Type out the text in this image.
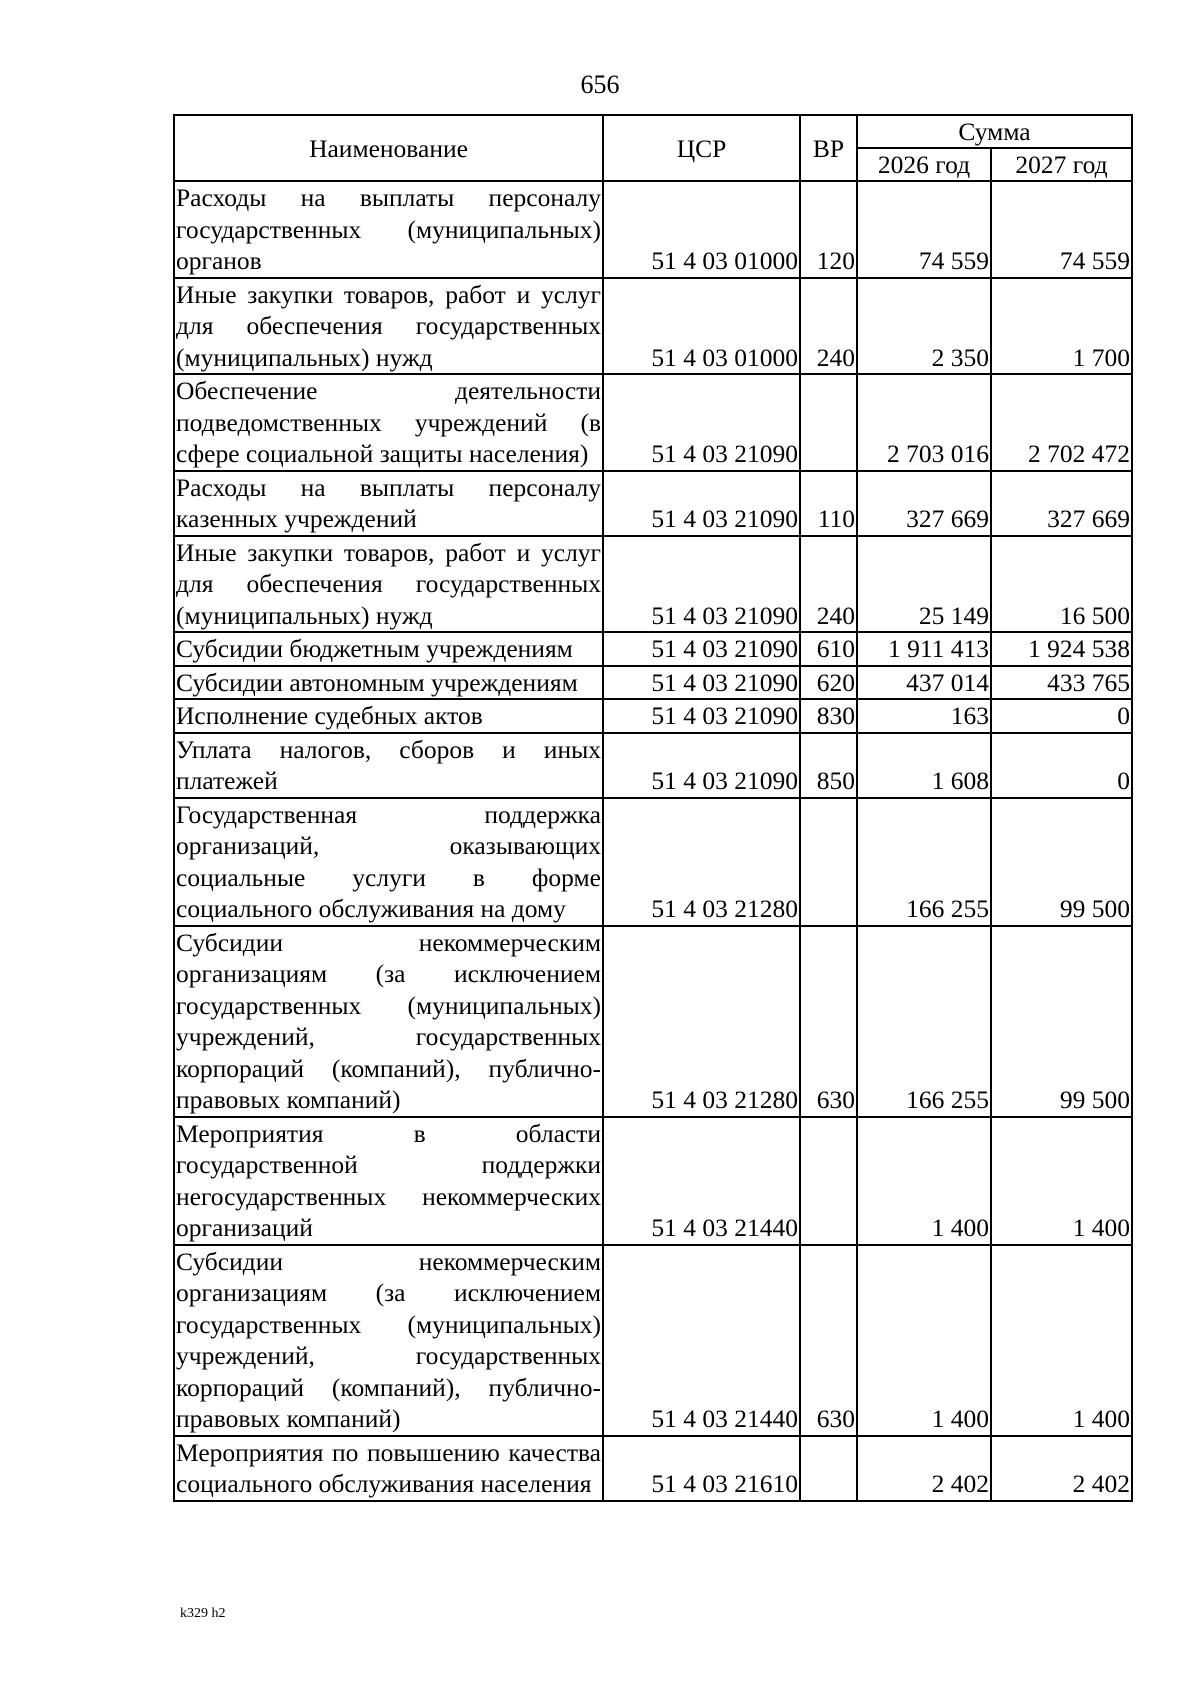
656
Наименование	ЦСР	ВР	Сумма	
			2026 год	2027 год
Расходы на выплаты персоналу государственных (муниципальных) органов	51 4 03 01000	120	74 559	74 559
Иные закупки товаров, работ и услуг для обеспечения государственных (муниципальных) нужд	51 4 03 01000	240	2 350	1 700
Обеспечение деятельности подведомственных учреждений (в сфере социальной защиты населения)	51 4 03 21090		2 703 016	2 702 472
Расходы на выплаты персоналу казенных учреждений	51 4 03 21090	110	327 669	327 669
Иные закупки товаров, работ и услуг для обеспечения государственных (муниципальных) нужд	51 4 03 21090	240	25 149	16 500
Субсидии бюджетным учреждениям	51 4 03 21090	610	1 911 413	1 924 538
Субсидии автономным учреждениям	51 4 03 21090	620	437 014	433 765
Исполнение судебных актов	51 4 03 21090	830	163	0
Уплата налогов, сборов и иных платежей	51 4 03 21090	850	1 608	0
Государственная поддержка организаций, оказывающих социальные услуги в форме социального обслуживания на дому	51 4 03 21280		166 255	99 500
Субсидии некоммерческим организациям (за исключением государственных (муниципальных) учреждений, государственных корпораций (компаний), публично-правовых компаний)	51 4 03 21280	630	166 255	99 500
Мероприятия в области государственной поддержки негосударственных некоммерческих организаций	51 4 03 21440		1 400	1 400
Субсидии некоммерческим организациям (за исключением государственных (муниципальных) учреждений, государственных корпораций (компаний), публично-правовых компаний)	51 4 03 21440	630	1 400	1 400
Мероприятия по повышению качества социального обслуживания населения	51 4 03 21610		2 402	2 402
k329 h2
